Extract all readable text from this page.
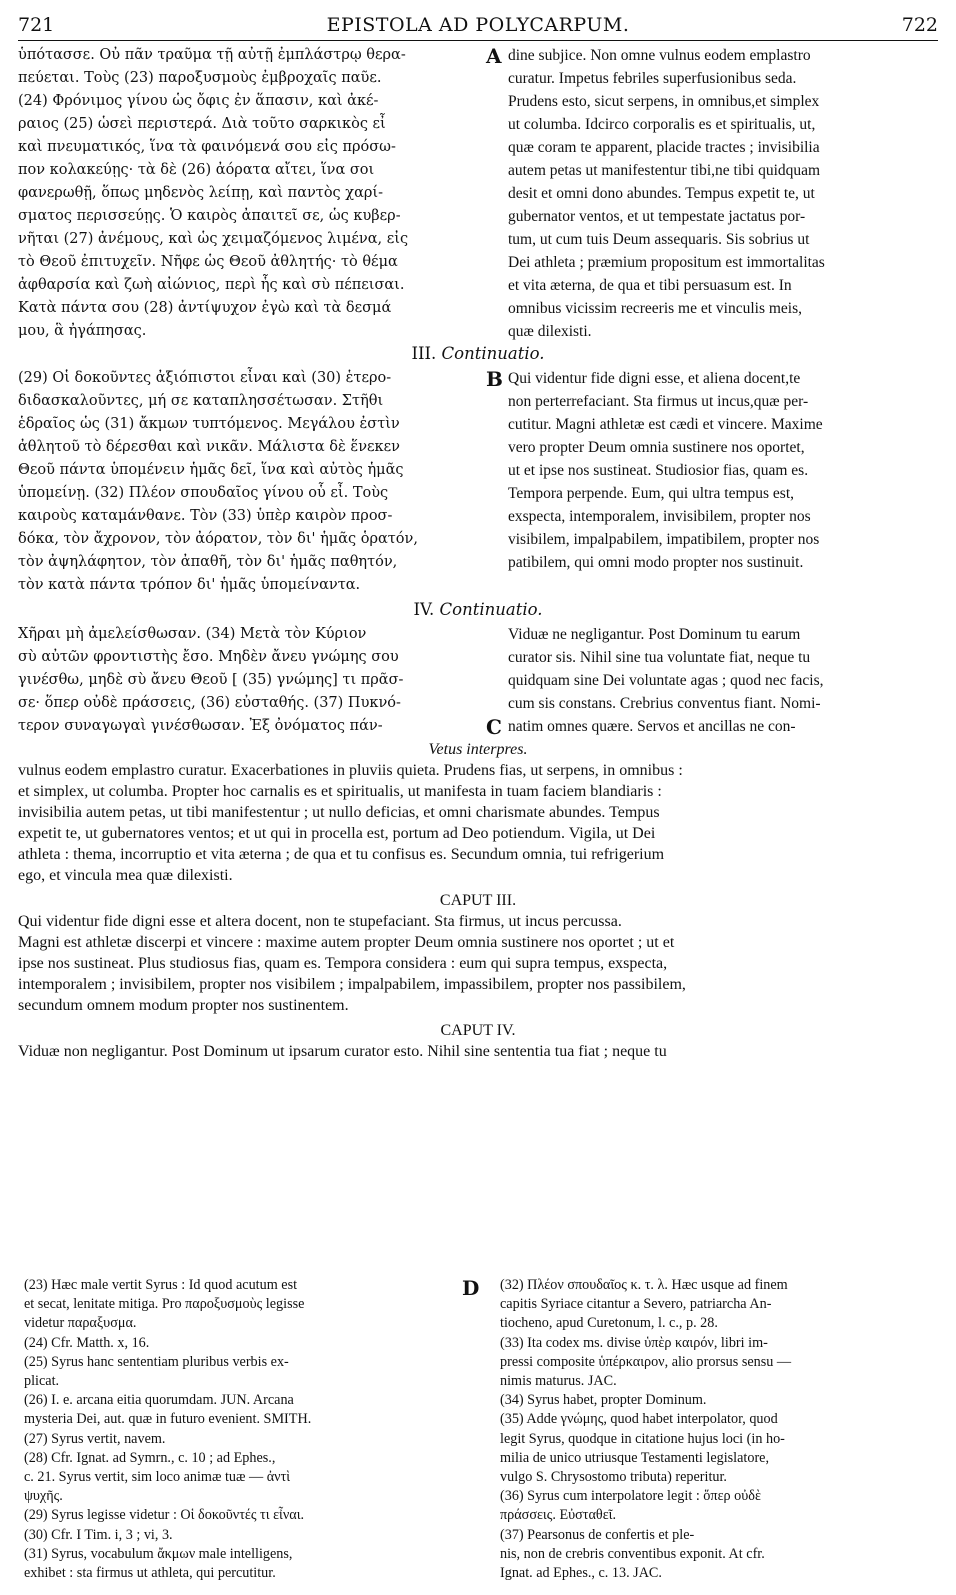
721	EPISTOLA AD POLYCARPUM.	722
ὑπότασσε. Οὐ πᾶν τραῦμα τῇ αὐτῇ ἐμπλάστρῳ θερα-
πεύεται. Τοὺς (23) παροξυσμοὺς ἐμβροχαῖς παῦε.
(24) Φρόνιμος γίνου ὡς ὄφις ἐν ἅπασιν, καὶ ἀκέ-
ραιος (25) ὡσεὶ περιστερά. Διὰ τοῦτο σαρκικὸς εἶ
καὶ πνευματικός, ἵνα τὰ φαινόμενά σου εἰς πρόσω-
πον κολακεύῃς· τὰ δὲ (26) ἀόρατα αἴτει, ἵνα σοι
φανερωθῇ, ὅπως μηδενὸς λείπῃ, καὶ παντὸς χαρί-
σματος περισσεύῃς. Ὁ καιρὸς ἀπαιτεῖ σε, ὡς κυβερ-
νῆται (27) ἀνέμους, καὶ ὡς χειμαζόμενος λιμένα, εἰς
τὸ Θεοῦ ἐπιτυχεῖν. Νῆφε ὡς Θεοῦ ἀθλητής· τὸ θέμα
ἀφθαρσία καὶ ζωὴ αἰώνιος, περὶ ἧς καὶ σὺ πέπεισαι.
Κατὰ πάντα σου (28) ἀντίψυχον ἐγὼ καὶ τὰ δεσμά
μου, ἃ ἠγάπησας.
A dine subjice. Non omne vulnus eodem emplastro
curatur. Impetus febriles superfusionibus seda.
Prudens esto, sicut serpens, in omnibus,et simplex
ut columba. Idcirco corporalis es et spiritualis, ut,
quæ coram te apparent, placide tractes ; invisibilia
autem petas ut manifestentur tibi,ne tibi quidquam
desit et omni dono abundes. Tempus expetit te, ut
gubernator ventos, et ut tempestate jactatus por-
tum, ut cum tuis Deum assequaris. Sis sobrius ut
Dei athleta ; præmium propositum est immortalitas
et vita æterna, de qua et tibi persuasum est. In
omnibus vicissim recreeris me et vinculis meis,
quæ dilexisti.
III. Continuatio.
(29) Οἱ δοκοῦντες ἀξιόπιστοι εἶναι καὶ (30) ἑτερο-
διδασκαλοῦντες, μή σε καταπλησσέτωσαν. Στῆθι
ἑδραῖος ὡς (31) ἄκμων τυπτόμενος. Μεγάλου ἐστὶν
ἀθλητοῦ τὸ δέρεσθαι καὶ νικᾶν. Μάλιστα δὲ ἕνεκεν
Θεοῦ πάντα ὑπομένειν ἡμᾶς δεῖ, ἵνα καὶ αὐτὸς ἡμᾶς
ὑπομείνῃ. (32) Πλέον σπουδαῖος γίνου οὗ εἶ. Τοὺς
καιροὺς καταμάνθανε. Τὸν (33) ὑπὲρ καιρὸν προσ-
δόκα, τὸν ἄχρονον, τὸν ἀόρατον, τὸν δι' ἡμᾶς ὁρατόν,
τὸν ἀψηλάφητον, τὸν ἀπαθῆ, τὸν δι' ἡμᾶς παθητόν,
τὸν κατὰ πάντα τρόπον δι' ἡμᾶς ὑπομείναντα.
B Qui videntur fide digni esse, et aliena docent,te
non perterrefaciant. Sta firmus ut incus,quæ per-
cutitur. Magni athletæ est cædi et vincere. Maxime
vero propter Deum omnia sustinere nos oportet,
ut et ipse nos sustineat. Studiosior fias, quam es.
Tempora perpende. Eum, qui ultra tempus est,
exspecta, intemporalem, invisibilem, propter nos
visibilem, impalpabilem, impatibilem, propter nos
patibilem, qui omni modo propter nos sustinuit.
IV. Continuatio.
Χῆραι μὴ ἀμελείσθωσαν. (34) Μετὰ τὸν Κύριον
σὺ αὐτῶν φροντιστὴς ἔσο. Μηδὲν ἄνευ γνώμης σου
γινέσθω, μηδὲ σὺ ἄνευ Θεοῦ [ (35) γνώμης] τι πρᾶσ-
σε· ὅπερ οὐδὲ πράσσεις, (36) εὐσταθής. (37) Πυκνό-
τερον συναγωγαὶ γινέσθωσαν. Ἐξ ὀνόματος πάν-	C
Viduæ ne negligantur. Post Dominum tu earum
curator sis. Nihil sine tua voluntate fiat, neque tu
quidquam sine Dei voluntate agas ; quod nec facis,
cum sis constans. Crebrius conventus fiant. Nomi-
natim omnes quære. Servos et ancillas ne con-
Vetus interpres.
vulnus eodem emplastro curatur. Exacerbationes in pluviis quieta. Prudens fias, ut serpens, in omnibus :
et simplex, ut columba. Propter hoc carnalis es et spiritualis, ut manifesta in tuam faciem blandiaris :
invisibilia autem petas, ut tibi manifestentur ; ut nullo deficias, et omni charismate abundes. Tempus
expetit te, ut gubernatores ventos; et ut qui in procella est, portum ad Deo potiendum. Vigila, ut Dei
athleta : thema, incorruptio et vita æterna ; de qua et tu confisus es. Secundum omnia, tui refrigerium
ego, et vincula mea quæ dilexisti.
CAPUT III.
Qui videntur fide digni esse et altera docent, non te stupefaciant. Sta firmus, ut incus percussa.
Magni est athletæ discerpi et vincere : maxime autem propter Deum omnia sustinere nos oportet ; ut et
ipse nos sustineat. Plus studiosus fias, quam es. Tempora considera : eum qui supra tempus, exspecta,
intemporalem ; invisibilem, propter nos visibilem ; impalpabilem, impassibilem, propter nos passibilem,
secundum omnem modum propter nos sustinentem.
CAPUT IV.
Viduæ non negligantur. Post Dominum ut ipsarum curator esto. Nihil sine sententia tua fiat ; neque tu
(23) Hæc male vertit Syrus : Id quod acutum est
et secat, lenitate mitiga. Pro παροξυσμοὺς legisse
videtur παραξυσμα.
(24) Cfr. Matth. x, 16.
(25) Syrus hanc sententiam pluribus verbis ex-
plicat.
(26) I. e. arcana eitia quorumdam. JUN. Arcana
mysteria Dei, aut. quæ in futuro evenient. SMITH.
(27) Syrus vertit, navem.
(28) Cfr. Ignat. ad Symrn., c. 10 ; ad Ephes.,
c. 21. Syrus vertit, sim loco animæ tuæ — ἀντὶ
ψυχῆς.
(29) Syrus legisse videtur : Οἱ δοκοῦντές τι εἶναι.
(30) Cfr. I Tim. i, 3 ; vi, 3.
(31) Syrus, vocabulum ἄκμων male intelligens,
exhibet : sta firmus ut athleta, qui percutitur.
D (32) Πλέον σπουδαῖος κ. τ. λ. Hæc usque ad finem
capitis Syriace citantur a Severo, patriarcha An-
tiocheno, apud Curetonum, l. c., p. 28.
(33) Ita codex ms. divise ὑπὲρ καιρόν, libri im-
pressi composite ὑπέρκαιρον, alio prorsus sensu —
nimis maturus. JAC.
(34) Syrus habet, propter Dominum.
(35) Adde γνώμης, quod habet interpolator, quod
legit Syrus, quodque in citatione hujus loci (in ho-
milia de unico utriusque Testamenti legislatore,
vulgo S. Chrysostomo tributa) reperitur.
(36) Syrus cum interpolatore legit : ὅπερ οὐδὲ
πράσσεις. Εὐσταθεῖ.
(37) Pearsonus de confertis et ple-
nis, non de crebris conventibus exponit. At cfr.
Ignat. ad Ephes., c. 13. JAC.
